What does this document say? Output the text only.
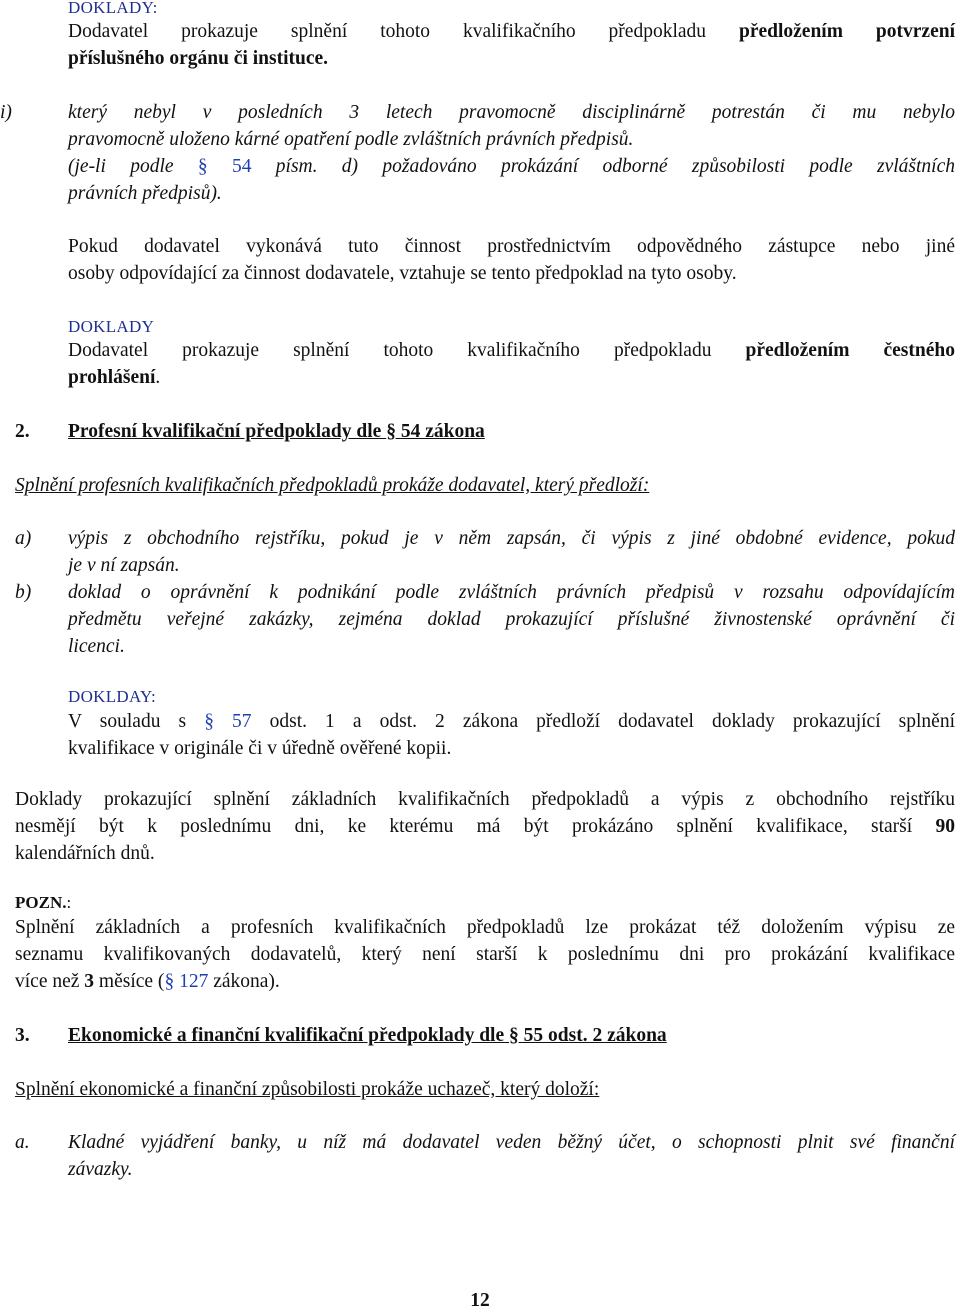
DOKLADY:
Dodavatel prokazuje splnění tohoto kvalifikačního předpokladu předložením potvrzení
příslušného orgánu či instituce.
i)	který nebyl v posledních 3 letech pravomocně disciplinárně potrestán či mu nebylo
pravomocně uloženo kárné opatření podle zvláštních právních předpisů.
(je-li podle § 54 písm. d) požadováno prokázání odborné způsobilosti podle zvláštních
právních předpisů).
Pokud dodavatel vykonává tuto činnost prostřednictvím odpovědného zástupce nebo jiné
osoby odpovídající za činnost dodavatele, vztahuje se tento předpoklad na tyto osoby.
DOKLADY
Dodavatel prokazuje splnění tohoto kvalifikačního předpokladu předložením čestného
prohlášení.
2. Profesní kvalifikační předpoklady dle § 54 zákona
Splnění profesních kvalifikačních předpokladů prokáže dodavatel, který předloží:
a) výpis z obchodního rejstříku, pokud je v něm zapsán, či výpis z jiné obdobné evidence, pokud
je v ní zapsán.
b) doklad o oprávnění k podnikání podle zvláštních právních předpisů v rozsahu odpovídajícím
předmětu veřejné zakázky, zejména doklad prokazující příslušné živnostenské oprávnění či
licenci.
DOKLDAY:
V souladu s § 57 odst. 1 a odst. 2 zákona předloží dodavatel doklady prokazující splnění
kvalifikace v originále či v úředně ověřené kopii.
Doklady prokazující splnění základních kvalifikačních předpokladů a výpis z obchodního rejstříku
nesmějí být k poslednímu dni, ke kterému má být prokázáno splnění kvalifikace, starší 90
kalendářních dnů.
POZN.:
Splnění základních a profesních kvalifikačních předpokladů lze prokázat též doložením výpisu ze
seznamu kvalifikovaných dodavatelů, který není starší k poslednímu dni pro prokázání kvalifikace
více než 3 měsíce (§ 127 zákona).
3. Ekonomické a finanční kvalifikační předpoklady dle § 55 odst. 2 zákona
Splnění ekonomické a finanční způsobilosti prokáže uchazeč, který doloží:
a. Kladné vyjádření banky, u níž má dodavatel veden běžný účet, o schopnosti plnit své finanční
závazky.
12
